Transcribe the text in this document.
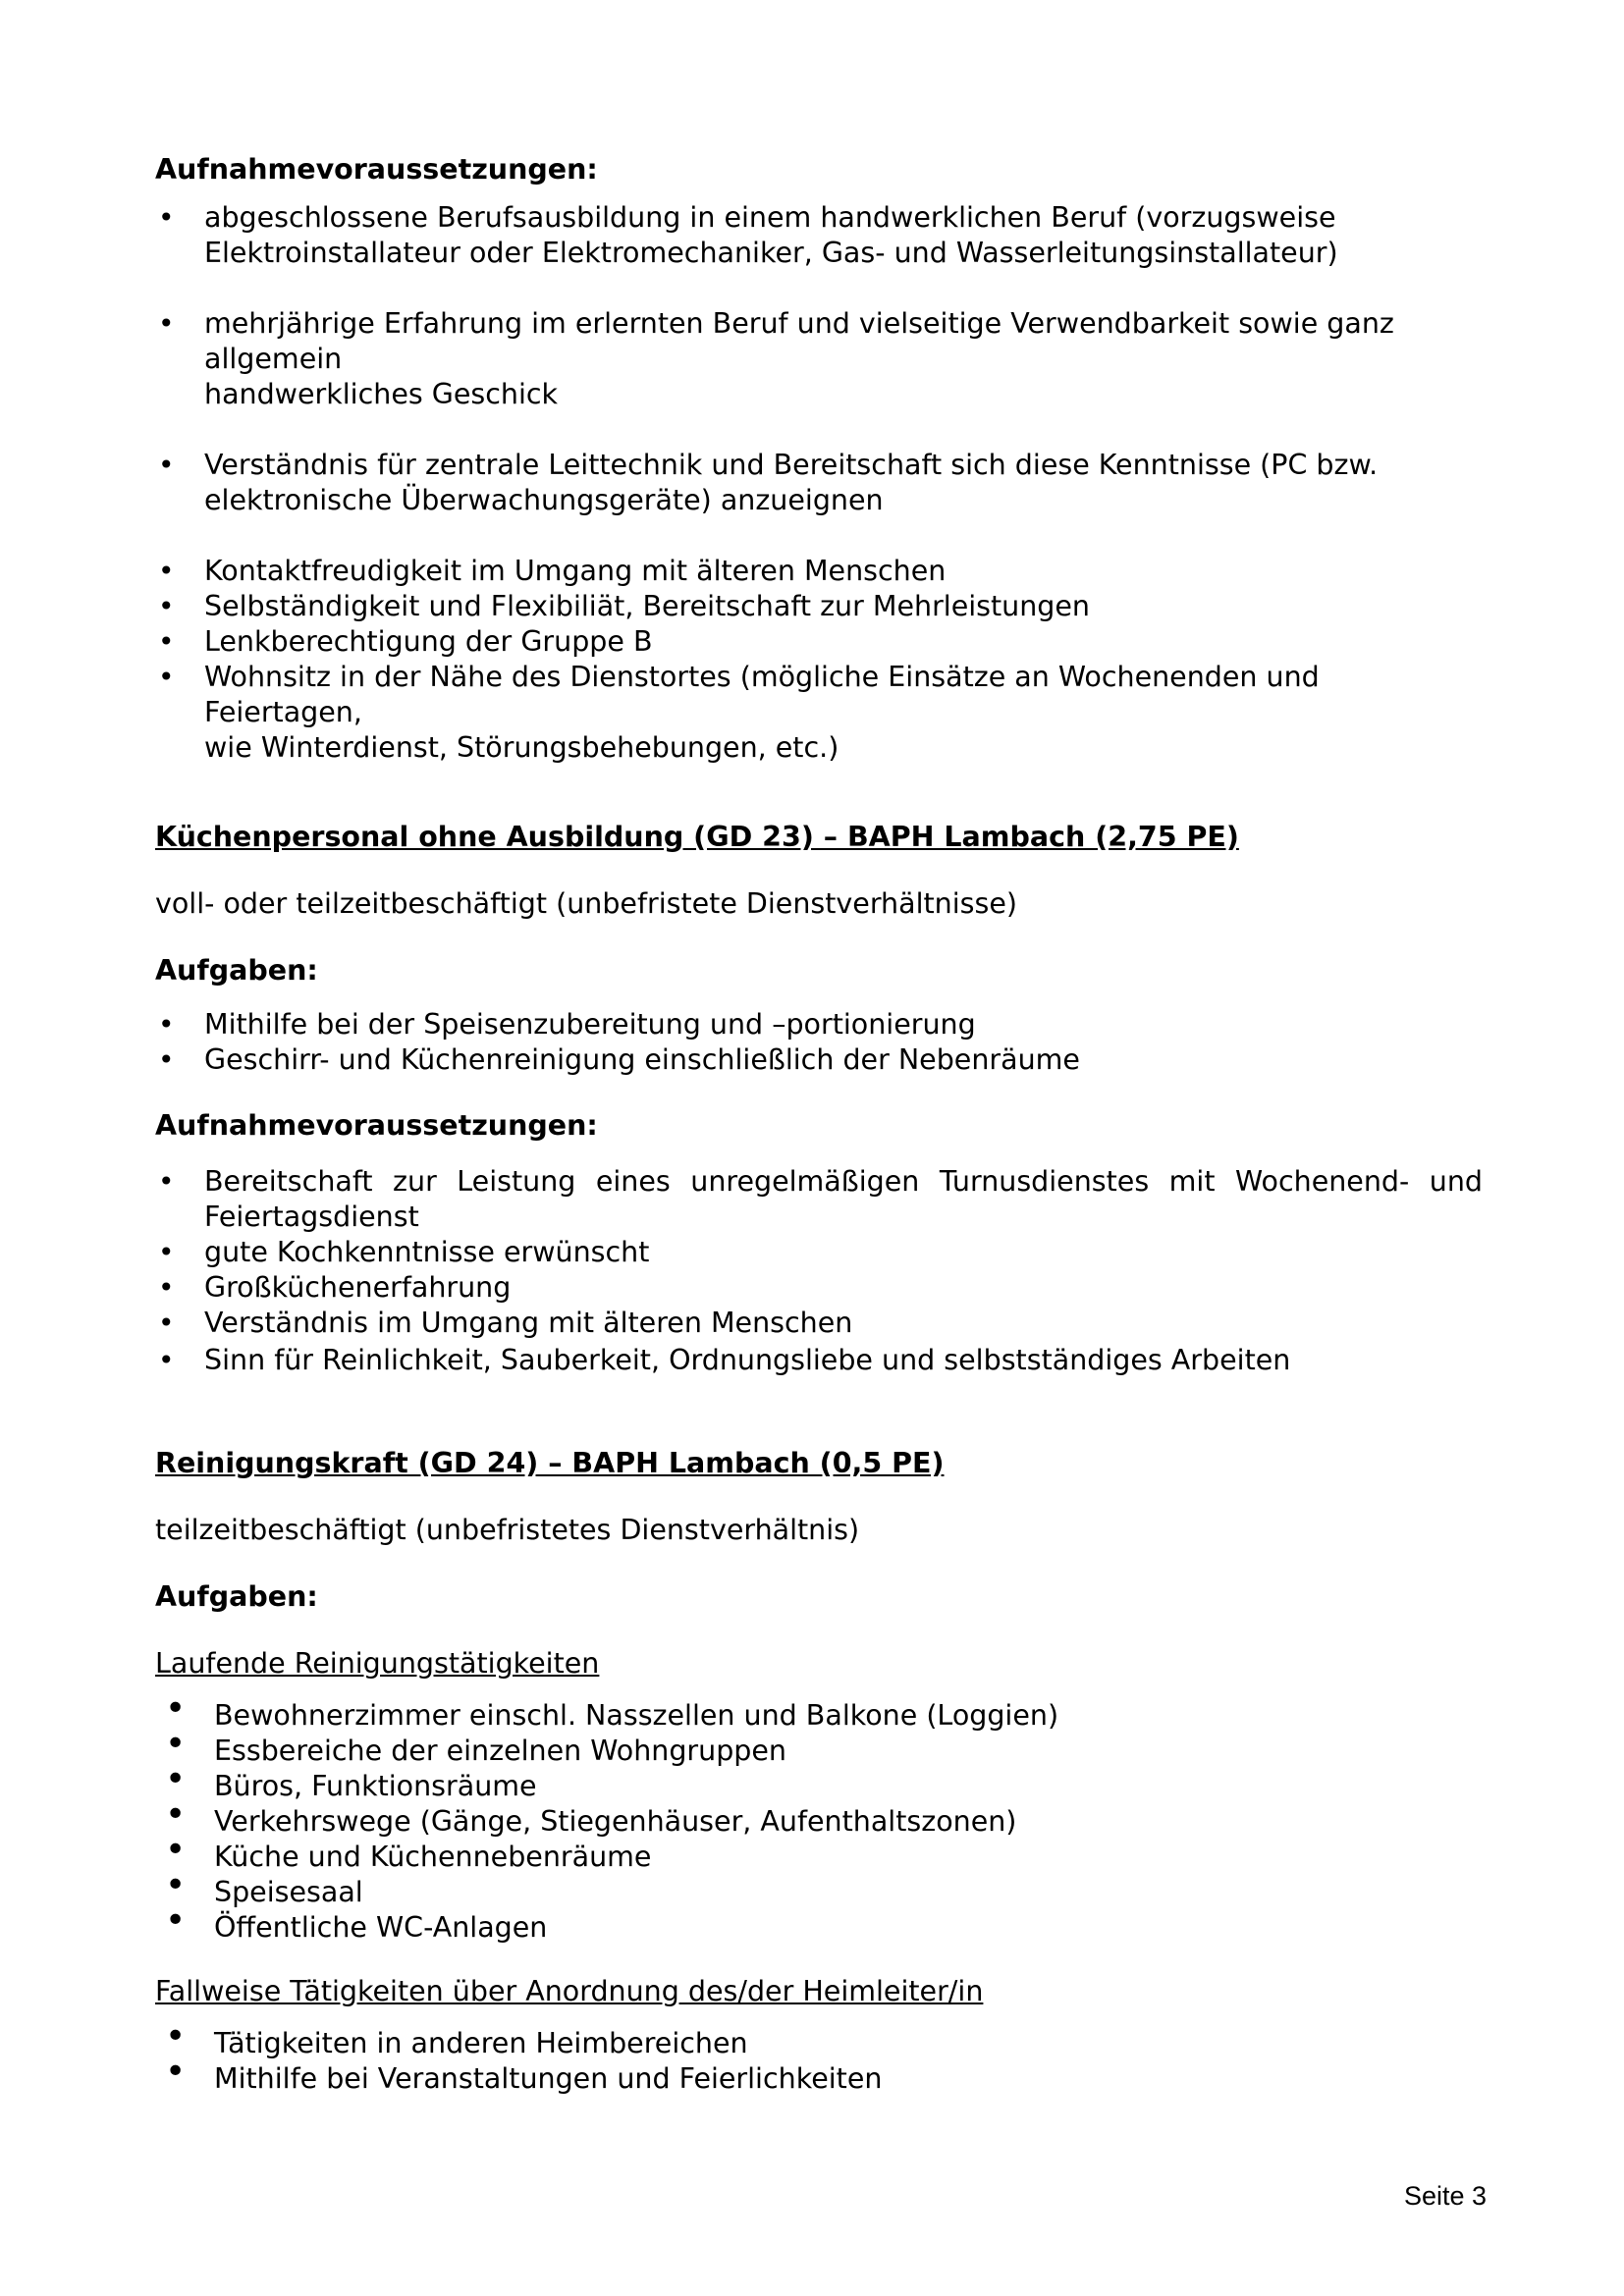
Aufnahmevoraussetzungen:

• abgeschlossene Berufsausbildung in einem handwerklichen Beruf (vorzugsweise
Elektroinstallateur oder Elektromechaniker, Gas- und Wasserleitungsinstallateur)
• mehrjährige Erfahrung im erlernten Beruf und vielseitige Verwendbarkeit sowie ganz allgemein
handwerkliches Geschick
• Verständnis für zentrale Leittechnik und Bereitschaft sich diese Kenntnisse (PC bzw.
elektronische Überwachungsgeräte) anzueignen
• Kontaktfreudigkeit im Umgang mit älteren Menschen
• Selbständigkeit und Flexibiliät, Bereitschaft zur Mehrleistungen
• Lenkberechtigung der Gruppe B
• Wohnsitz in der Nähe des Dienstortes (mögliche Einsätze an Wochenenden und Feiertagen,
wie Winterdienst, Störungsbehebungen, etc.)

Küchenpersonal ohne Ausbildung (GD 23) – BAPH Lambach (2,75 PE)

voll- oder teilzeitbeschäftigt (unbefristete Dienstverhältnisse)

Aufgaben:

• Mithilfe bei der Speisenzubereitung und –portionierung
• Geschirr- und Küchenreinigung einschließlich der Nebenräume

Aufnahmevoraussetzungen:

• Bereitschaft zur Leistung eines unregelmäßigen Turnusdienstes mit Wochenend- und
Feiertagsdienst
• gute Kochkenntnisse erwünscht
• Großküchenerfahrung
• Verständnis im Umgang mit älteren Menschen
• Sinn für Reinlichkeit, Sauberkeit, Ordnungsliebe und selbstständiges Arbeiten

Reinigungskraft (GD 24) – BAPH Lambach (0,5 PE)

teilzeitbeschäftigt (unbefristetes Dienstverhältnis)

Aufgaben:

Laufende Reinigungstätigkeiten

• Bewohnerzimmer einschl. Nasszellen und Balkone (Loggien)
• Essbereiche der einzelnen Wohngruppen
• Büros, Funktionsräume
• Verkehrswege (Gänge, Stiegenhäuser, Aufenthaltszonen)
• Küche und Küchennebenräume
• Speisesaal
• Öffentliche WC-Anlagen

Fallweise Tätigkeiten über Anordnung des/der Heimleiter/in

• Tätigkeiten in anderen Heimbereichen
• Mithilfe bei Veranstaltungen und Feierlichkeiten
Seite 3
